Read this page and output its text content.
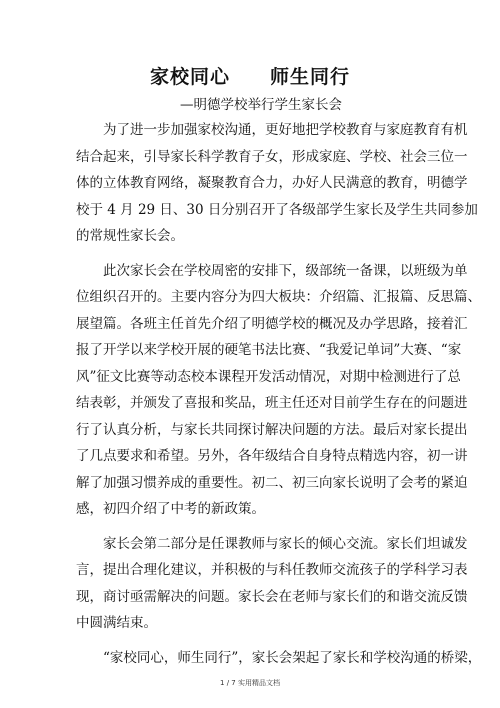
家校同心　　师生同行
—明德学校举行学生家长会
为了进一步加强家校沟通，更好地把学校教育与家庭教育有机
结合起来，引导家长科学教育子女，形成家庭、学校、社会三位一
体的立体教育网络，凝聚教育合力，办好人民满意的教育，明德学
校于 4 月 29 日、30 日分别召开了各级部学生家长及学生共同参加
的常规性家长会。
此次家长会在学校周密的安排下，级部统一备课，以班级为单
位组织召开的。主要内容分为四大板块：介绍篇、汇报篇、反思篇、
展望篇。各班主任首先介绍了明德学校的概况及办学思路，接着汇
报了开学以来学校开展的硬笔书法比赛、“我爱记单词”大赛、“家
风”征文比赛等动态校本课程开发活动情况，对期中检测进行了总
结表彰，并颁发了喜报和奖品，班主任还对目前学生存在的问题进
行了认真分析，与家长共同探讨解决问题的方法。最后对家长提出
了几点要求和希望。另外，各年级结合自身特点精选内容，初一讲
解了加强习惯养成的重要性。初二、初三向家长说明了会考的紧迫
感，初四介绍了中考的新政策。
家长会第二部分是任课教师与家长的倾心交流。家长们坦诚发
言，提出合理化建议，并积极的与科任教师交流孩子的学科学习表
现，商讨亟需解决的问题。家长会在老师与家长们的和谐交流反馈
中圆满结束。
“家校同心，师生同行”，家长会架起了家长和学校沟通的桥梁，
1 / 7 实用精品文档
